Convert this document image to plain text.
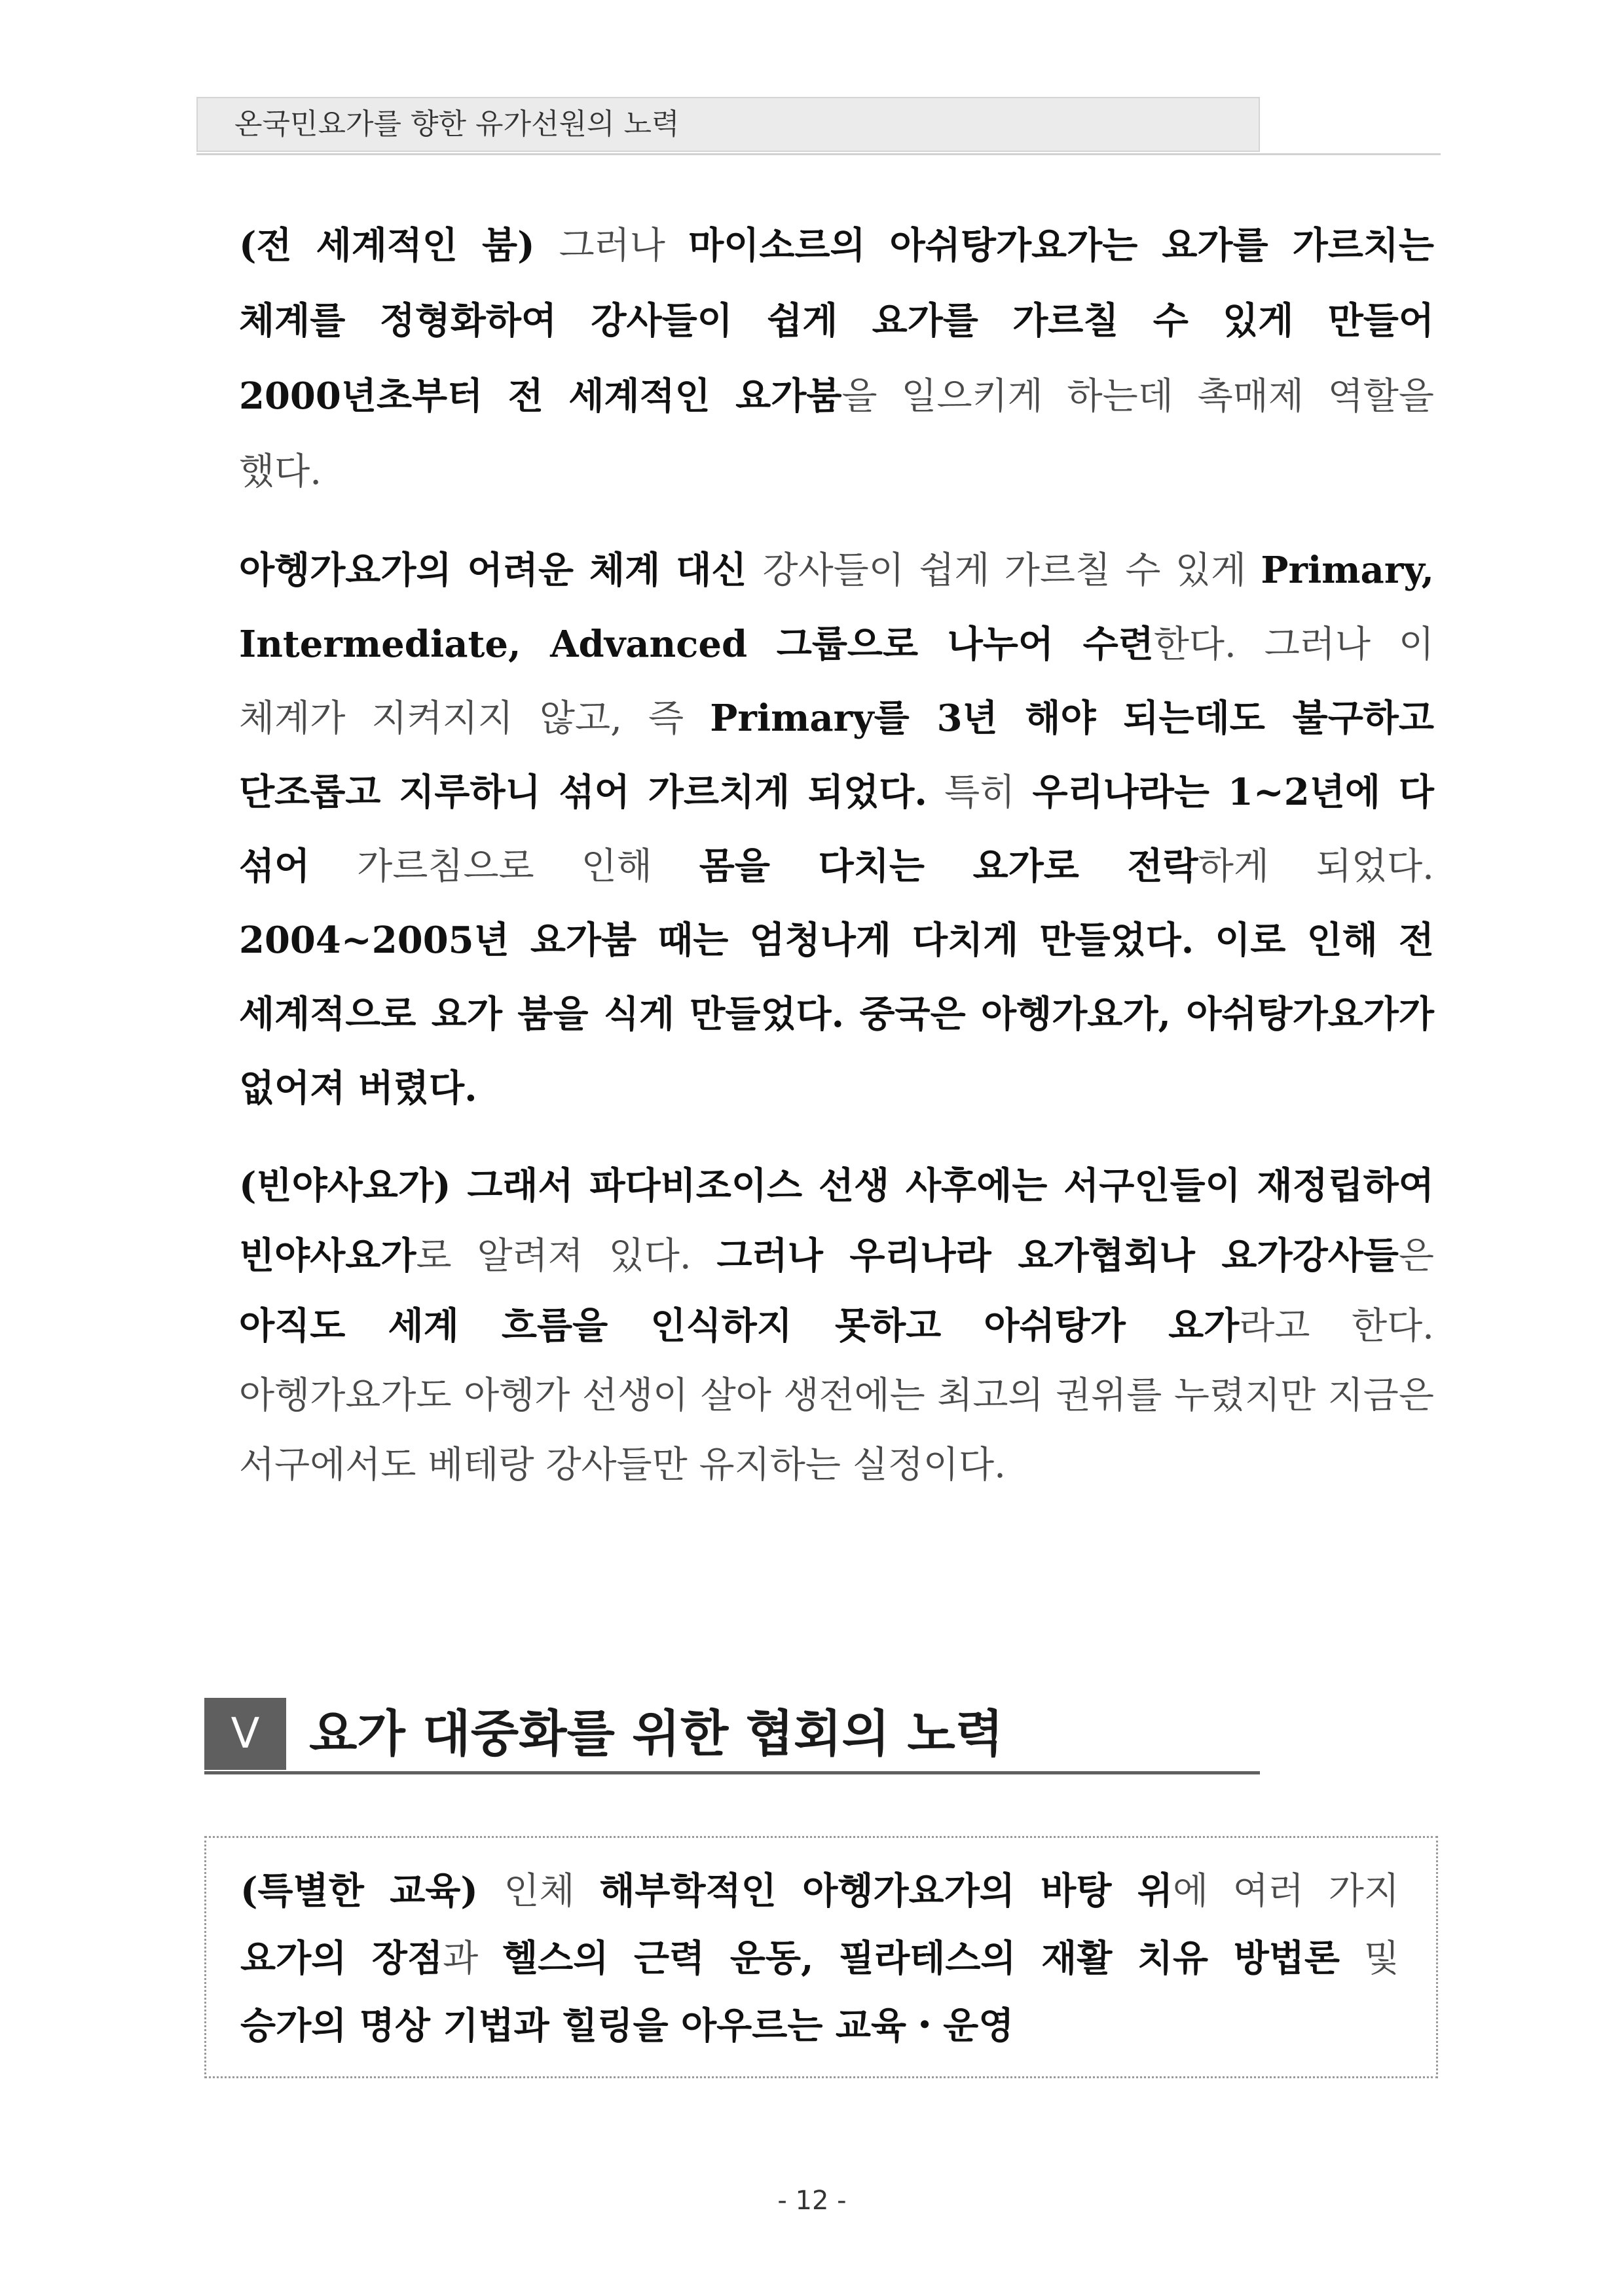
온국민요가를 향한 유가선원의 노력
(전 세계적인 붐) 그러나 마이소르의 아쉬탕가요가는 요가를 가르치는 체계를 정형화하여 강사들이 쉽게 요가를 가르칠 수 있게 만들어 2000년초부터 전 세계적인 요가붐을 일으키게 하는데 촉매제 역할을 했다.
아헹가요가의 어려운 체계 대신 강사들이 쉽게 가르칠 수 있게 Primary, Intermediate, Advanced 그룹으로 나누어 수련한다. 그러나 이 체계가 지켜지지 않고, 즉 Primary를 3년 해야 되는데도 불구하고 단조롭고 지루하니 섞어 가르치게 되었다. 특히 우리나라는 1~2년에 다 섞어 가르침으로 인해 몸을 다치는 요가로 전락하게 되었다. 2004~2005년 요가붐 때는 엄청나게 다치게 만들었다. 이로 인해 전 세계적으로 요가 붐을 식게 만들었다. 중국은 아헹가요가, 아쉬탕가요가가 없어져 버렸다.
(빈야사요가) 그래서 파다비조이스 선생 사후에는 서구인들이 재정립하여 빈야사요가로 알려져 있다. 그러나 우리나라 요가협회나 요가강사들은 아직도 세계 흐름을 인식하지 못하고 아쉬탕가 요가라고 한다. 아헹가요가도 아헹가 선생이 살아 생전에는 최고의 권위를 누렸지만 지금은 서구에서도 베테랑 강사들만 유지하는 실정이다.
Ⅴ 요가 대중화를 위한 협회의 노력
(특별한 교육) 인체 해부학적인 아헹가요가의 바탕 위에 여러 가지 요가의 장점과 헬스의 근력 운동, 필라테스의 재활 치유 방법론 및 승가의 명상 기법과 힐링을 아우르는 교육・운영
- 12 -
